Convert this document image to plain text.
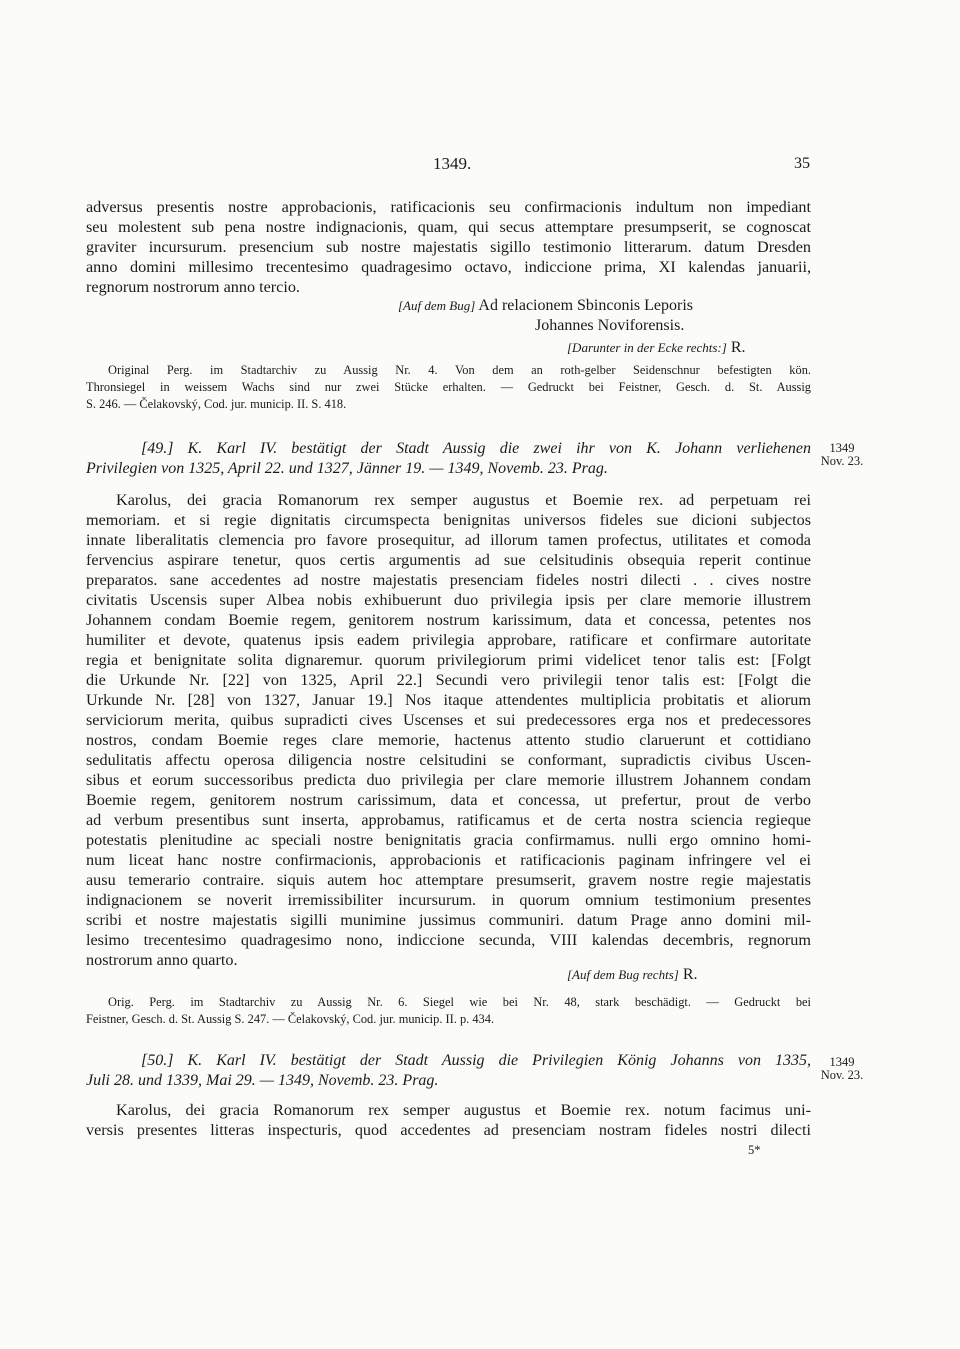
1349.	35
adversus presentis nostre approbacionis, ratificacionis seu confirmacionis indultum non impediant
seu molestent sub pena nostre indignacionis, quam, qui secus attemptare presumpserit, se cognoscat
graviter incursurum. presencium sub nostre majestatis sigillo testimonio litterarum. datum Dresden
anno domini millesimo trecentesimo quadragesimo octavo, indiccione prima, XI kalendas januarii,
regnorum nostrorum anno tercio.
[Auf dem Bug] Ad relacionem Sbinconis Leporis
Johannes Noviforensis.
[Darunter in der Ecke rechts:] R.
Original Perg. im Stadtarchiv zu Aussig Nr. 4. Von dem an roth-gelber Seidenschnur befestigten kön.
Thronsiegel in weissem Wachs sind nur zwei Stücke erhalten. — Gedruckt bei Feistner, Gesch. d. St. Aussig
S. 246. — Čelakovský, Cod. jur. municip. II. S. 418.
[49.] K. Karl IV. bestätigt der Stadt Aussig die zwei ihr von K. Johann verliehenen
Privilegien von 1325, April 22. und 1327, Jänner 19. — 1349, Novemb. 23. Prag.
1349
Nov. 23.
Karolus, dei gracia Romanorum rex semper augustus et Boemie rex. ad perpetuam rei
memoriam. et si regie dignitatis circumspecta benignitas universos fideles sue dicioni subjectos
innate liberalitatis clemencia pro favore prosequitur, ad illorum tamen profectus, utilitates et comoda
fervencius aspirare tenetur, quos certis argumentis ad sue celsitudinis obsequia reperit continue
preparatos. sane accedentes ad nostre majestatis presenciam fideles nostri dilecti . . cives nostre
civitatis Uscensis super Albea nobis exhibuerunt duo privilegia ipsis per clare memorie illustrem
Johannem condam Boemie regem, genitorem nostrum karissimum, data et concessa, petentes nos
humiliter et devote, quatenus ipsis eadem privilegia approbare, ratificare et confirmare autoritate
regia et benignitate solita dignaremur. quorum privilegiorum primi videlicet tenor talis est: [Folgt
die Urkunde Nr. [22] von 1325, April 22.] Secundi vero privilegii tenor talis est: [Folgt die
Urkunde Nr. [28] von 1327, Januar 19.] Nos itaque attendentes multiplicia probitatis et aliorum
serviciorum merita, quibus supradicti cives Uscenses et sui predecessores erga nos et predecessores
nostros, condam Boemie reges clare memorie, hactenus attento studio claruerunt et cottidiano
sedulitatis affectu operosa diligencia nostre celsitudini se conformant, supradictis civibus Uscen-
sibus et eorum successoribus predicta duo privilegia per clare memorie illustrem Johannem condam
Boemie regem, genitorem nostrum carissimum, data et concessa, ut prefertur, prout de verbo
ad verbum presentibus sunt inserta, approbamus, ratificamus et de certa nostra sciencia regieque
potestatis plenitudine ac speciali nostre benignitatis gracia confirmamus. nulli ergo omnino homi-
num liceat hanc nostre confirmacionis, approbacionis et ratificacionis paginam infringere vel ei
ausu temerario contraire. siquis autem hoc attemptare presumserit, gravem nostre regie majestatis
indignacionem se noverit irremissibiliter incursurum. in quorum omnium testimonium presentes
scribi et nostre majestatis sigilli munimine jussimus communiri. datum Prage anno domini mil-
lesimo trecentesimo quadragesimo nono, indiccione secunda, VIII kalendas decembris, regnorum
nostrorum anno quarto.
[Auf dem Bug rechts] R.
Orig. Perg. im Stadtarchiv zu Aussig Nr. 6. Siegel wie bei Nr. 48, stark beschädigt. — Gedruckt bei
Feistner, Gesch. d. St. Aussig S. 247. — Čelakovský, Cod. jur. municip. II. p. 434.
[50.] K. Karl IV. bestätigt der Stadt Aussig die Privilegien König Johanns von 1335,
Juli 28. und 1339, Mai 29. — 1349, Novemb. 23. Prag.
1349
Nov. 23.
Karolus, dei gracia Romanorum rex semper augustus et Boemie rex. notum facimus uni-
versis presentes litteras inspecturis, quod accedentes ad presenciam nostram fideles nostri dilecti
5*
